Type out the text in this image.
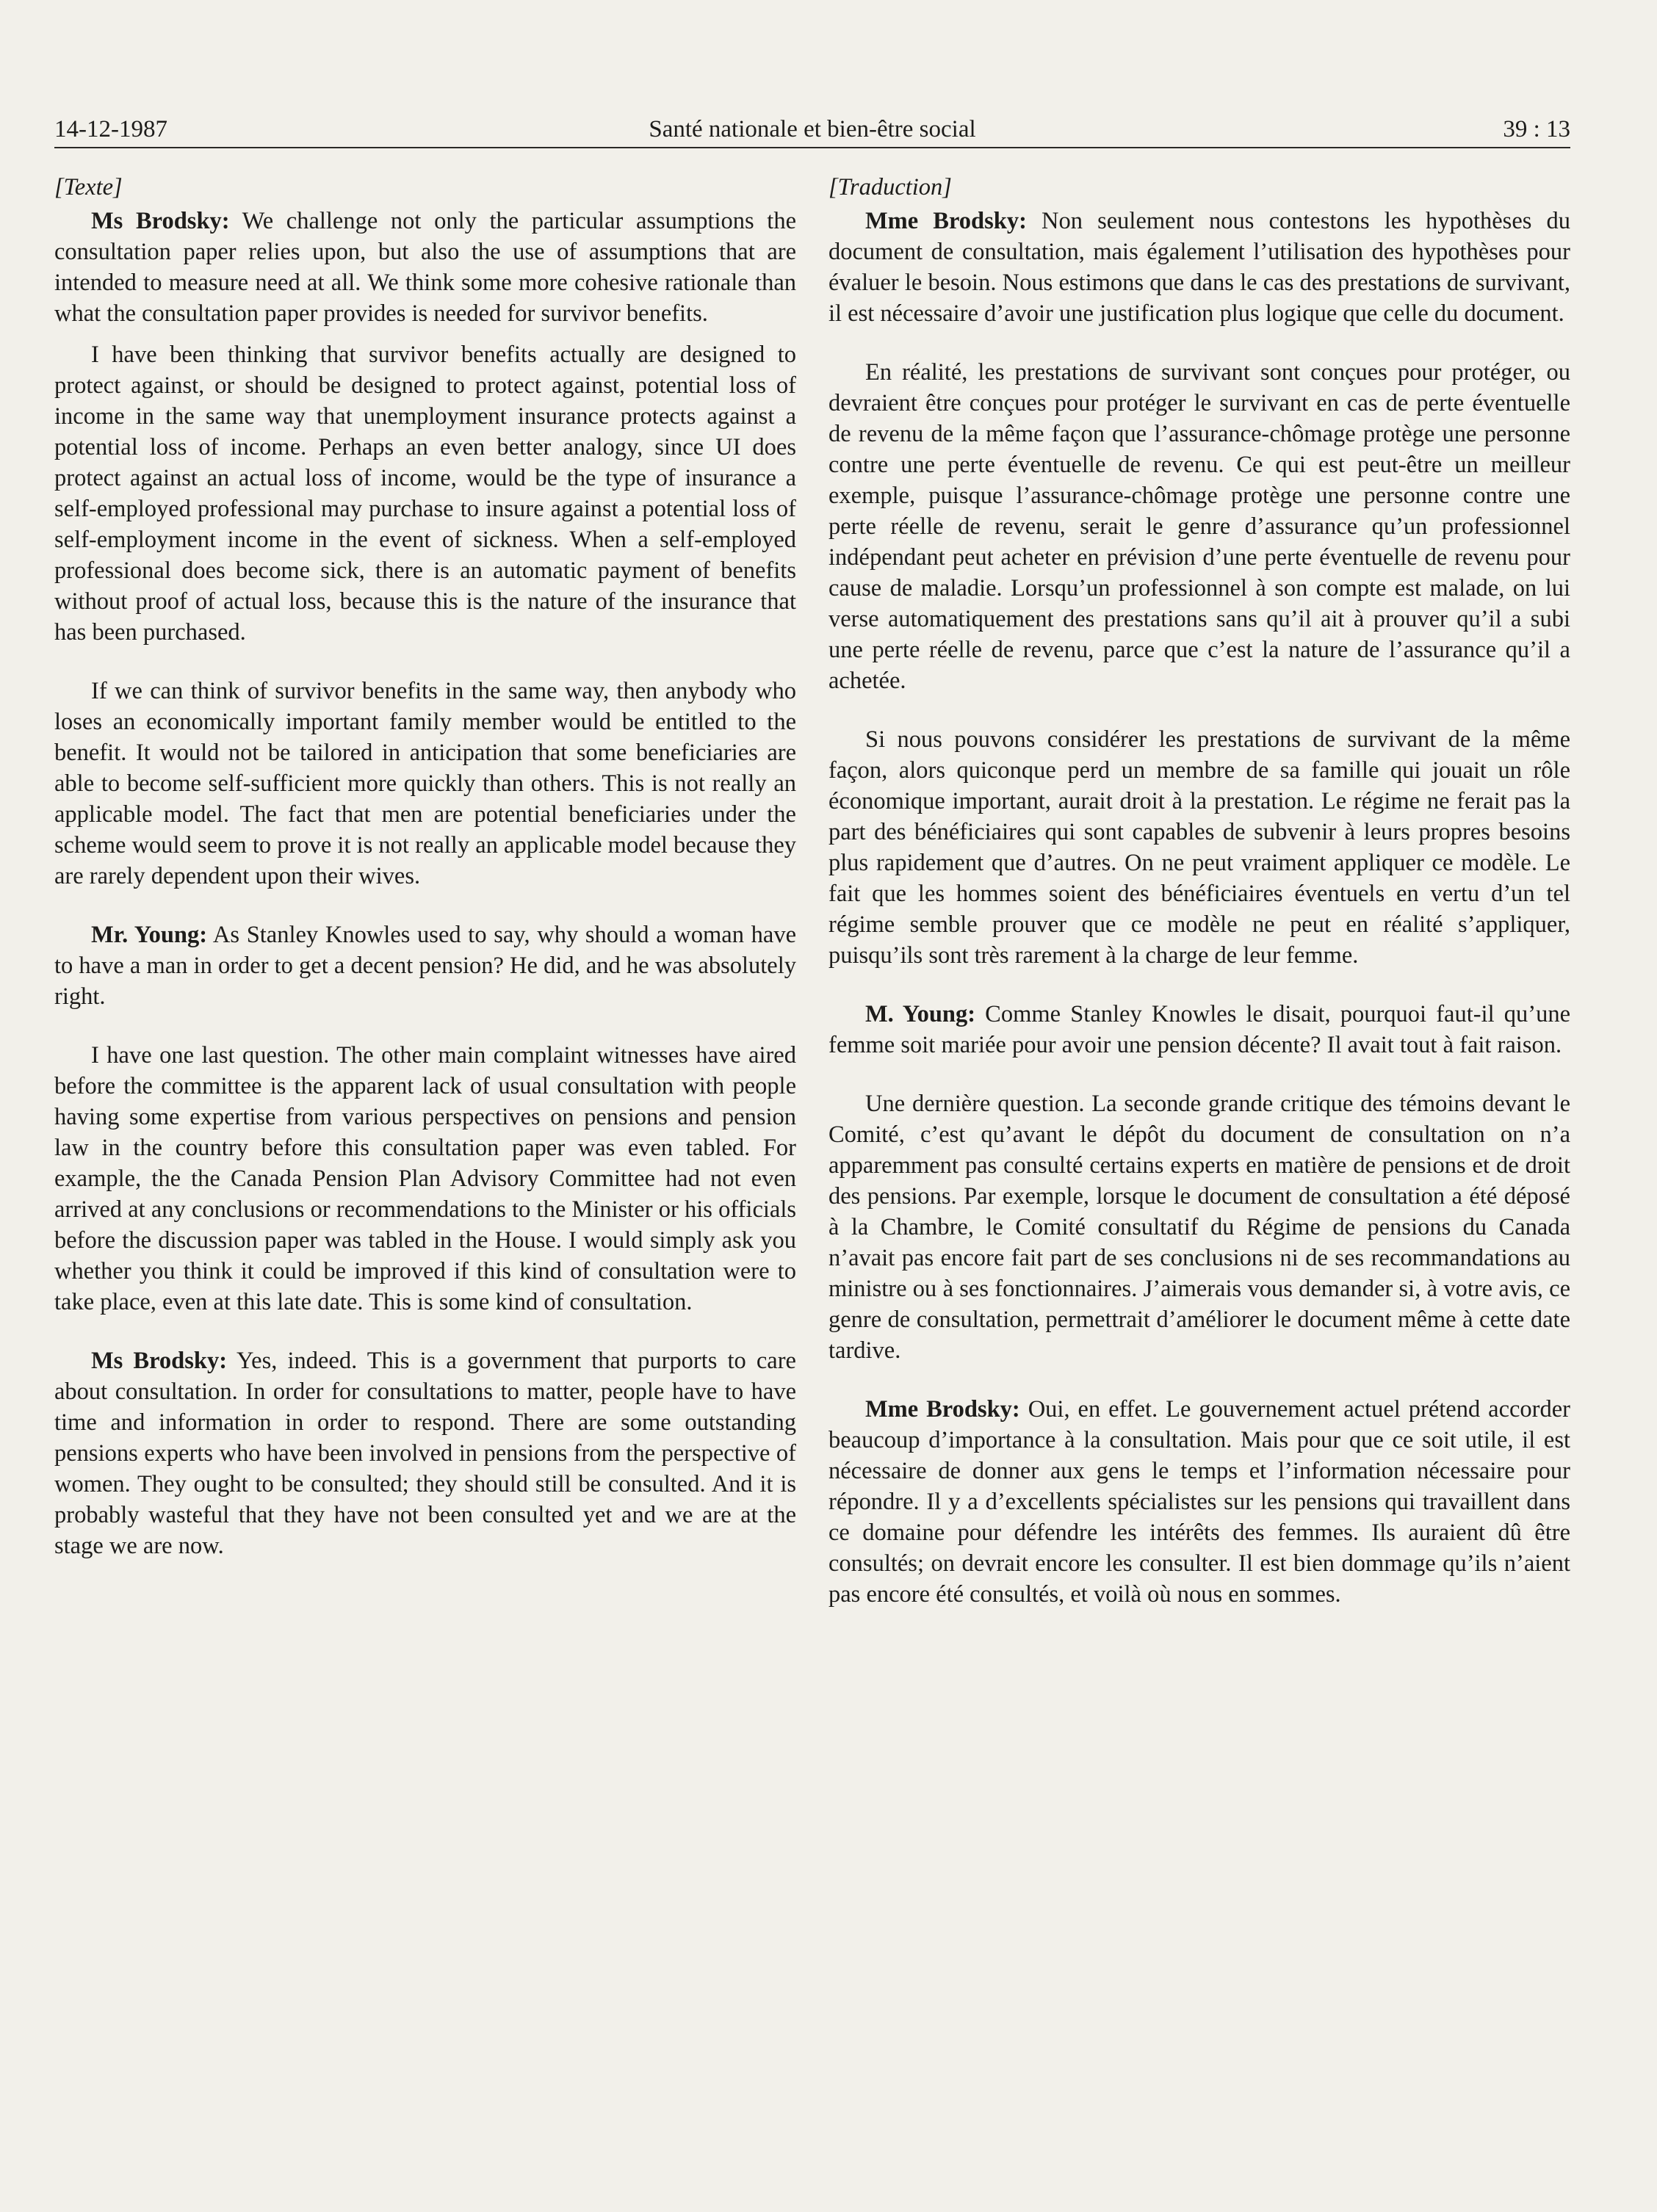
Santé nationale et bien-être social
14-12-1987	39 : 13
[Texte]

Ms Brodsky: We challenge not only the particular assumptions the consultation paper relies upon, but also the use of assumptions that are intended to measure need at all. We think some more cohesive rationale than what the consultation paper provides is needed for survivor benefits.

I have been thinking that survivor benefits actually are designed to protect against, or should be designed to protect against, potential loss of income in the same way that unemployment insurance protects against a potential loss of income. Perhaps an even better analogy, since UI does protect against an actual loss of income, would be the type of insurance a self-employed professional may purchase to insure against a potential loss of self-employment income in the event of sickness. When a self-employed professional does become sick, there is an automatic payment of benefits without proof of actual loss, because this is the nature of the insurance that has been purchased.

If we can think of survivor benefits in the same way, then anybody who loses an economically important family member would be entitled to the benefit. It would not be tailored in anticipation that some beneficiaries are able to become self-sufficient more quickly than others. This is not really an applicable model. The fact that men are potential beneficiaries under the scheme would seem to prove it is not really an applicable model because they are rarely dependent upon their wives.

Mr. Young: As Stanley Knowles used to say, why should a woman have to have a man in order to get a decent pension? He did, and he was absolutely right.

I have one last question. The other main complaint witnesses have aired before the committee is the apparent lack of usual consultation with people having some expertise from various perspectives on pensions and pension law in the country before this consultation paper was even tabled. For example, the the Canada Pension Plan Advisory Committee had not even arrived at any conclusions or recommendations to the Minister or his officials before the discussion paper was tabled in the House. I would simply ask you whether you think it could be improved if this kind of consultation were to take place, even at this late date. This is some kind of consultation.

Ms Brodsky: Yes, indeed. This is a government that purports to care about consultation. In order for consultations to matter, people have to have time and information in order to respond. There are some outstanding pensions experts who have been involved in pensions from the perspective of women. They ought to be consulted; they should still be consulted. And it is probably wasteful that they have not been consulted yet and we are at the stage we are now.

[Traduction]

Mme Brodsky: Non seulement nous contestons les hypothèses du document de consultation, mais également l’utilisation des hypothèses pour évaluer le besoin. Nous estimons que dans le cas des prestations de survivant, il est nécessaire d’avoir une justification plus logique que celle du document.

En réalité, les prestations de survivant sont conçues pour protéger, ou devraient être conçues pour protéger le survivant en cas de perte éventuelle de revenu de la même façon que l’assurance-chômage protège une personne contre une perte éventuelle de revenu. Ce qui est peut-être un meilleur exemple, puisque l’assurance-chômage protège une personne contre une perte réelle de revenu, serait le genre d’assurance qu’un professionnel indépendant peut acheter en prévision d’une perte éventuelle de revenu pour cause de maladie. Lorsqu’un professionnel à son compte est malade, on lui verse automatiquement des prestations sans qu’il ait à prouver qu’il a subi une perte réelle de revenu, parce que c’est la nature de l’assurance qu’il a achetée.

Si nous pouvons considérer les prestations de survivant de la même façon, alors quiconque perd un membre de sa famille qui jouait un rôle économique important, aurait droit à la prestation. Le régime ne ferait pas la part des bénéficiaires qui sont capables de subvenir à leurs propres besoins plus rapidement que d’autres. On ne peut vraiment appliquer ce modèle. Le fait que les hommes soient des bénéficiaires éventuels en vertu d’un tel régime semble prouver que ce modèle ne peut en réalité s’appliquer, puisqu’ils sont très rarement à la charge de leur femme.

M. Young: Comme Stanley Knowles le disait, pourquoi faut-il qu’une femme soit mariée pour avoir une pension décente? Il avait tout à fait raison.

Une dernière question. La seconde grande critique des témoins devant le Comité, c’est qu’avant le dépôt du document de consultation on n’a apparemment pas consulté certains experts en matière de pensions et de droit des pensions. Par exemple, lorsque le document de consultation a été déposé à la Chambre, le Comité consultatif du Régime de pensions du Canada n’avait pas encore fait part de ses conclusions ni de ses recommandations au ministre ou à ses fonctionnaires. J’aimerais vous demander si, à votre avis, ce genre de consultation, permettrait d’améliorer le document même à cette date tardive.

Mme Brodsky: Oui, en effet. Le gouvernement actuel prétend accorder beaucoup d’importance à la consultation. Mais pour que ce soit utile, il est nécessaire de donner aux gens le temps et l’information nécessaire pour répondre. Il y a d’excellents spécialistes sur les pensions qui travaillent dans ce domaine pour défendre les intérêts des femmes. Ils auraient dû être consultés; on devrait encore les consulter. Il est bien dommage qu’ils n’aient pas encore été consultés, et voilà où nous en sommes.
